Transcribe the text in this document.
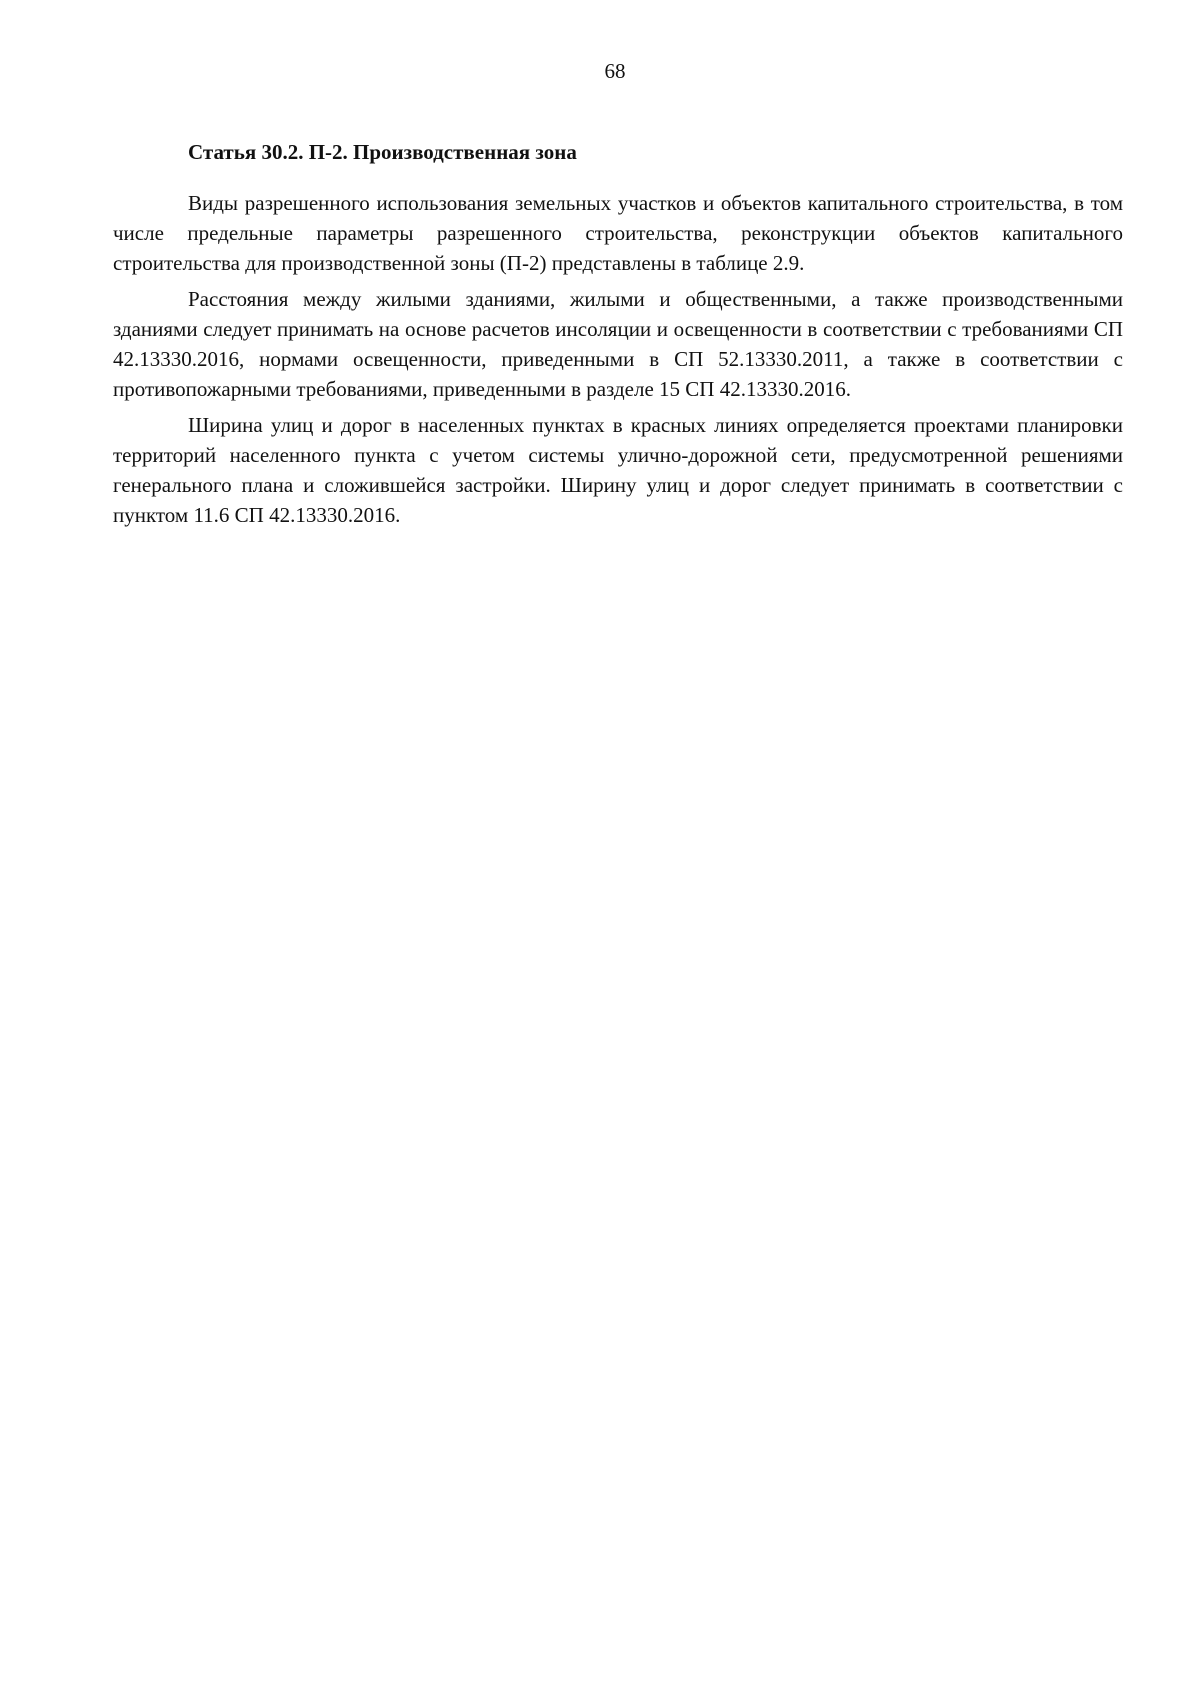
68
Статья 30.2. П-2. Производственная зона

Виды разрешенного использования земельных участков и объектов капитального строительства, в том числе предельные параметры разрешенного строительства, реконструкции объектов капитального строительства для производственной зоны (П-2) представлены в таблице 2.9.

Расстояния между жилыми зданиями, жилыми и общественными, а также производственными зданиями следует принимать на основе расчетов инсоляции и освещенности в соответствии с требованиями СП 42.13330.2016, нормами освещенности, приведенными в СП 52.13330.2011, а также в соответствии с противопожарными требованиями, приведенными в разделе 15 СП 42.13330.2016.

Ширина улиц и дорог в населенных пунктах в красных линиях определяется проектами планировки территорий населенного пункта с учетом системы улично-дорожной сети, предусмотренной решениями генерального плана и сложившейся застройки. Ширину улиц и дорог следует принимать в соответствии с пунктом 11.6 СП 42.13330.2016.
